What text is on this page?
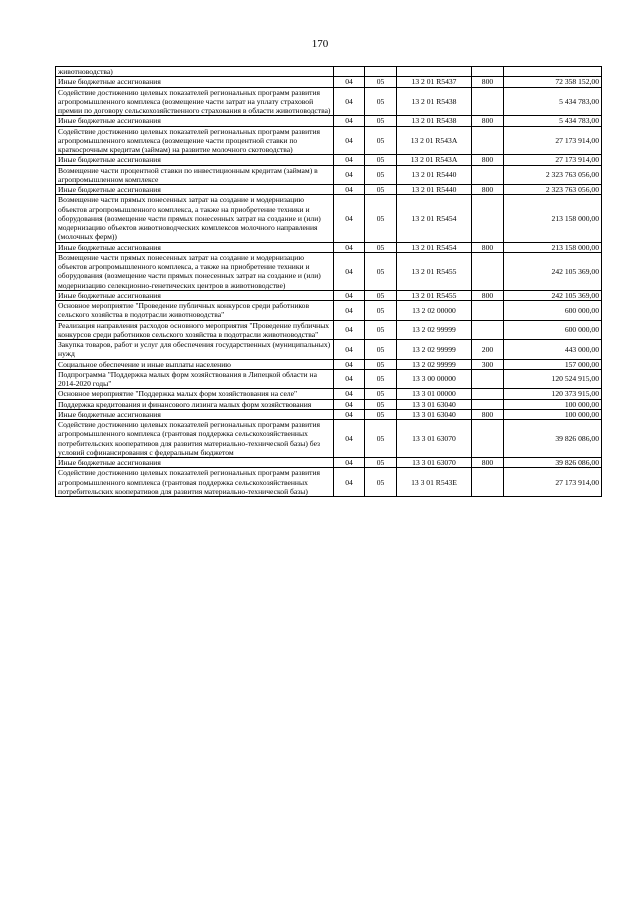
170
животноводства)					
Иные бюджетные ассигнования	04	05	13 2 01 R5437	800	72 358 152,00
Содействие достижению целевых показателей региональных программ развития агропромышленного комплекса (возмещение части затрат на уплату страховой премии по договору сельскохозяйственного страхования в области животноводства)	04	05	13 2 01 R5438		5 434 783,00
Иные бюджетные ассигнования	04	05	13 2 01 R5438	800	5 434 783,00
Содействие достижению целевых показателей региональных программ развития агропромышленного комплекса (возмещение части процентной ставки по краткосрочным кредитам (займам) на развитие молочного скотоводства)	04	05	13 2 01 R543A		27 173 914,00
Иные бюджетные ассигнования	04	05	13 2 01 R543A	800	27 173 914,00
Возмещение части процентной ставки по инвестиционным кредитам (займам) в агропромышленном комплексе	04	05	13 2 01 R5440		2 323 763 056,00
Иные бюджетные ассигнования	04	05	13 2 01 R5440	800	2 323 763 056,00
Возмещение части прямых понесенных затрат на создание и модернизацию объектов агропромышленного комплекса, а также на приобретение техники и оборудования (возмещение части прямых понесенных затрат на создание и (или) модернизацию объектов животноводческих комплексов молочного направления (молочных ферм))	04	05	13 2 01 R5454		213 158 000,00
Иные бюджетные ассигнования	04	05	13 2 01 R5454	800	213 158 000,00
Возмещение части прямых понесенных затрат на создание и модернизацию объектов агропромышленного комплекса, а также на приобретение техники и оборудования (возмещение части прямых понесенных затрат на создание и (или) модернизацию селекционно-генетических центров в животноводстве)	04	05	13 2 01 R5455		242 105 369,00
Иные бюджетные ассигнования	04	05	13 2 01 R5455	800	242 105 369,00
Основное мероприятие "Проведение публичных конкурсов среди работников сельского хозяйства в подотрасли животноводства"	04	05	13 2 02 00000		600 000,00
Реализация направления расходов основного мероприятия "Проведение публичных конкурсов среди работников сельского хозяйства в подотрасли животноводства"	04	05	13 2 02 99999		600 000,00
Закупка товаров, работ и услуг для обеспечения государственных (муниципальных) нужд	04	05	13 2 02 99999	200	443 000,00
Социальное обеспечение и иные выплаты населению	04	05	13 2 02 99999	300	157 000,00
Подпрограмма "Поддержка малых форм хозяйствования в Липецкой области на 2014-2020 годы"	04	05	13 3 00 00000		120 524 915,00
Основное мероприятие "Поддержка малых форм хозяйствования на селе"	04	05	13 3 01 00000		120 373 915,00
Поддержка кредитования и финансового лизинга малых форм хозяйствования	04	05	13 3 01 63040		100 000,00
Иные бюджетные ассигнования	04	05	13 3 01 63040	800	100 000,00
Содействие достижению целевых показателей региональных программ развития агропромышленного комплекса (грантовая поддержка сельскохозяйственных потребительских кооперативов для развития материально-технической базы) без условий софинансирования с федеральным бюджетом	04	05	13 3 01 63070		39 826 086,00
Иные бюджетные ассигнования	04	05	13 3 01 63070	800	39 826 086,00
Содействие достижению целевых показателей региональных программ развития агропромышленного комплекса (грантовая поддержка сельскохозяйственных потребительских кооперативов для развития материально-технической базы)	04	05	13 3 01 R543E		27 173 914,00
